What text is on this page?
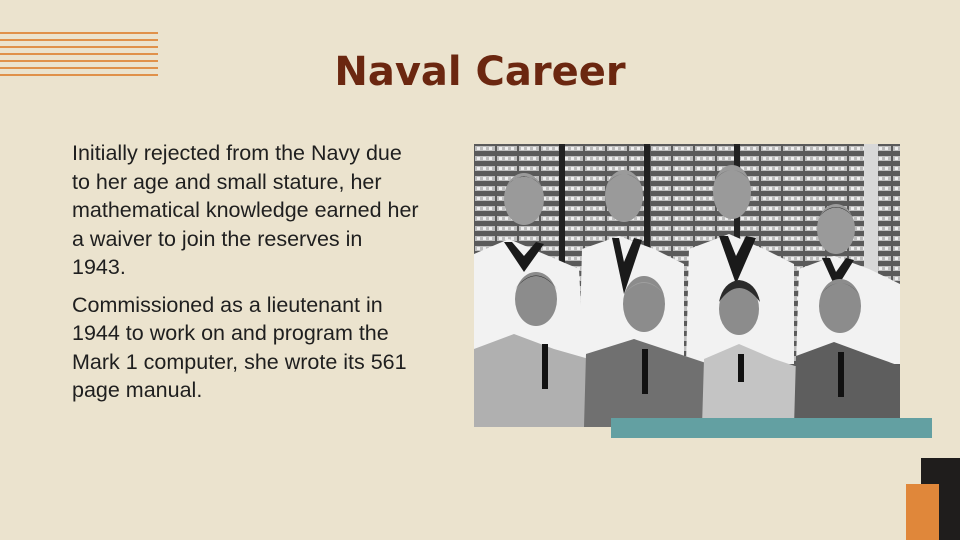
Naval Career

Initially rejected from the Navy due to her age and small stature, her mathematical knowledge earned her a waiver to join the reserves in 1943.

Commissioned as a lieutenant in 1944 to work on and program the Mark 1 computer, she wrote its 561 page manual.
